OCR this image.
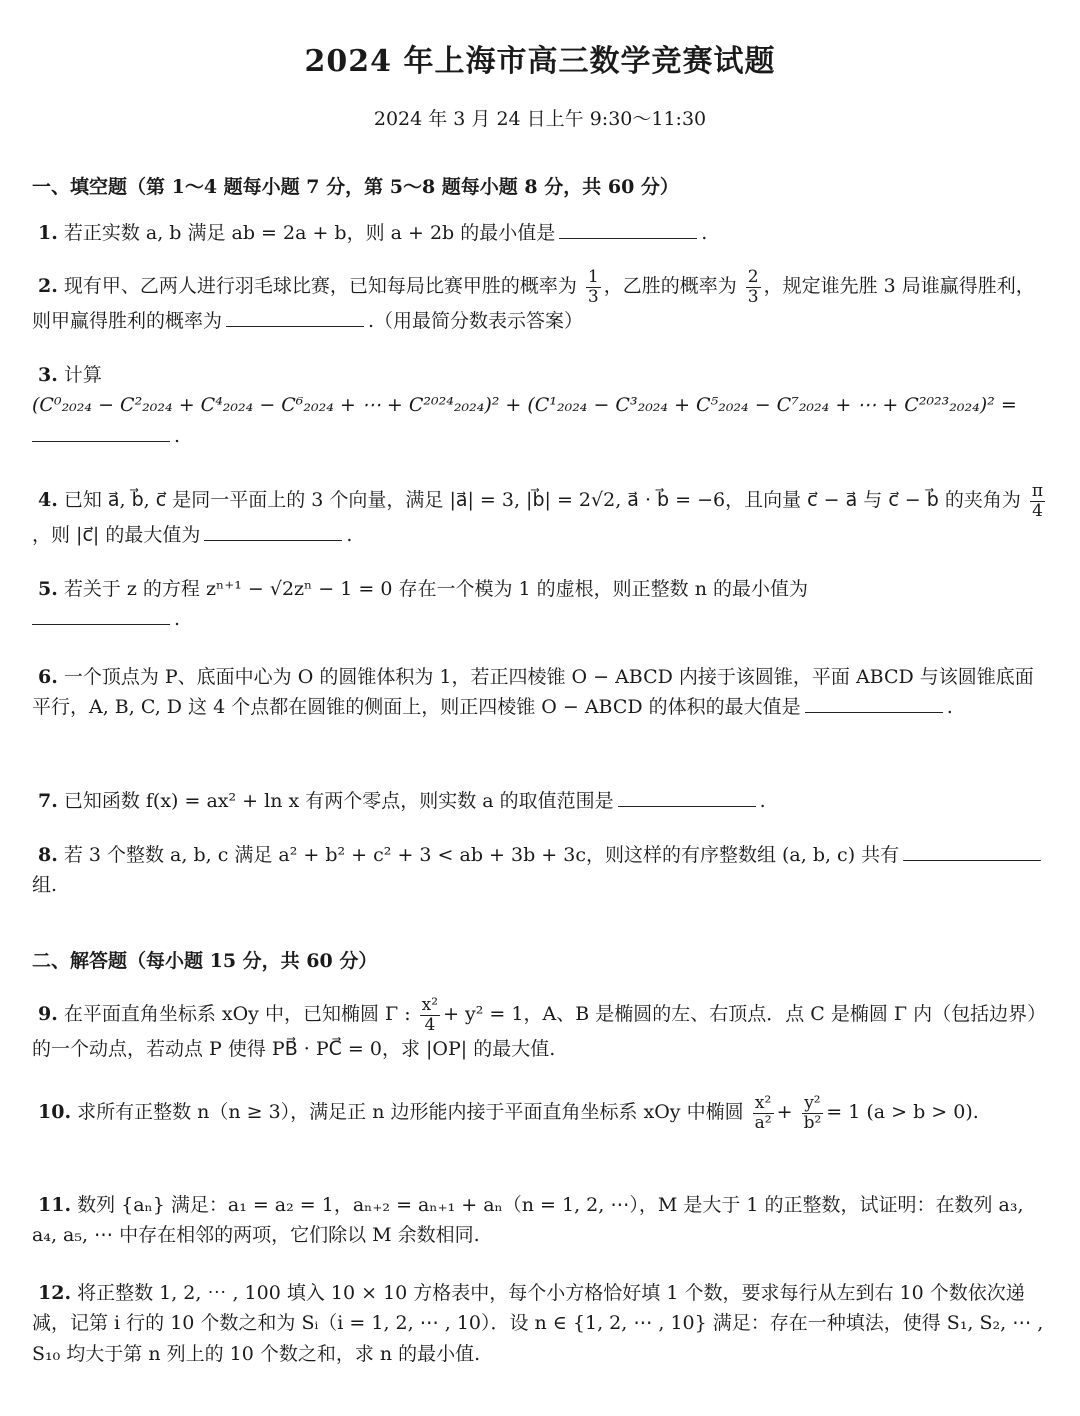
2024 年上海市高三数学竞赛试题
2024 年 3 月 24 日上午 9:30～11:30
一、填空题（第 1～4 题每小题 7 分，第 5～8 题每小题 8 分，共 60 分）
1. 若正实数 a, b 满足 ab = 2a + b，则 a + 2b 的最小值是	.
2. 现有甲、乙两人进行羽毛球比赛，已知每局比赛甲胜的概率为 $\frac{1}{3}$ ，乙胜的概率为 $\frac{2}{3}$ ，规定谁先胜 3 局谁赢得胜利，则甲赢得胜利的概率为	.（用最简分数表示答案）
3. 计算
(C⁰₂₀₂₄ − C²₂₀₂₄ + C⁴₂₀₂₄ − C⁶₂₀₂₄ + ⋯ + C²⁰²⁴₂₀₂₄)² + (C¹₂₀₂₄ − C³₂₀₂₄ + C⁵₂₀₂₄ − C⁷₂₀₂₄ + ⋯ + C²⁰²³₂₀₂₄)² =
.
4. 已知 a⃗, b⃗, c⃗ 是同一平面上的 3 个向量，满足 |a⃗| = 3, |b⃗| = 2√2, a⃗ · b⃗ = −6，且向量 c⃗ − a⃗ 与 c⃗ − b⃗ 的夹角为 $\frac{\pi}{4}$
，则 |c⃗| 的最大值为	.
5. 若关于 z 的方程 zⁿ⁺¹ − √2zⁿ − 1 = 0 存在一个模为 1 的虚根，则正整数 n 的最小值为
.
6. 一个顶点为 P、底面中心为 O 的圆锥体积为 1，若正四棱锥 O − ABCD 内接于该圆锥，平面 ABCD 与该圆锥底面平行，A, B, C, D 这 4 个点都在圆锥的侧面上，则正四棱锥 O − ABCD 的体积的最大值是	.
7. 已知函数 f(x) = ax² + ln x 有两个零点，则实数 a 的取值范围是	.
8. 若 3 个整数 a, b, c 满足 a² + b² + c² + 3 < ab + 3b + 3c，则这样的有序整数组 (a, b, c) 共有组.
二、解答题（每小题 15 分，共 60 分）
9. 在平面直角坐标系 xOy 中，已知椭圆 Γ : $\frac{\text{x²}}{4} + y^2 = 1$，A、B 是椭圆的左、右顶点．点 C 是椭圆 Γ 内（包括边界）的一个动点，若动点 P 使得 PB⃗ · PC⃗ = 0，求 |OP| 的最大值.
10. 求所有正整数 n（n ≥ 3），满足正 n 边形能内接于平面直角坐标系 xOy 中椭圆 $\frac{\text{x²}}{\text{a²}} + \frac{\text{y²}}{\text{b²}} = 1$ (a > b > 0).
11. 数列 {aₙ} 满足：a₁ = a₂ = 1，aₙ₊₂ = aₙ₊₁ + aₙ（n = 1, 2, ⋯），M 是大于 1 的正整数，试证明：在数列 a₃, a₄, a₅, ⋯ 中存在相邻的两项，它们除以 M 余数相同.
12. 将正整数 1, 2, ⋯ , 100 填入 10 × 10 方格表中，每个小方格恰好填 1 个数，要求每行从左到右 10 个数依次递减，记第 i 行的 10 个数之和为 Sᵢ（i = 1, 2, ⋯ , 10）．设 n ∈ {1, 2, ⋯ , 10} 满足：存在一种填法，使得 S₁, S₂, ⋯ , S₁₀ 均大于第 n 列上的 10 个数之和，求 n 的最小值.
